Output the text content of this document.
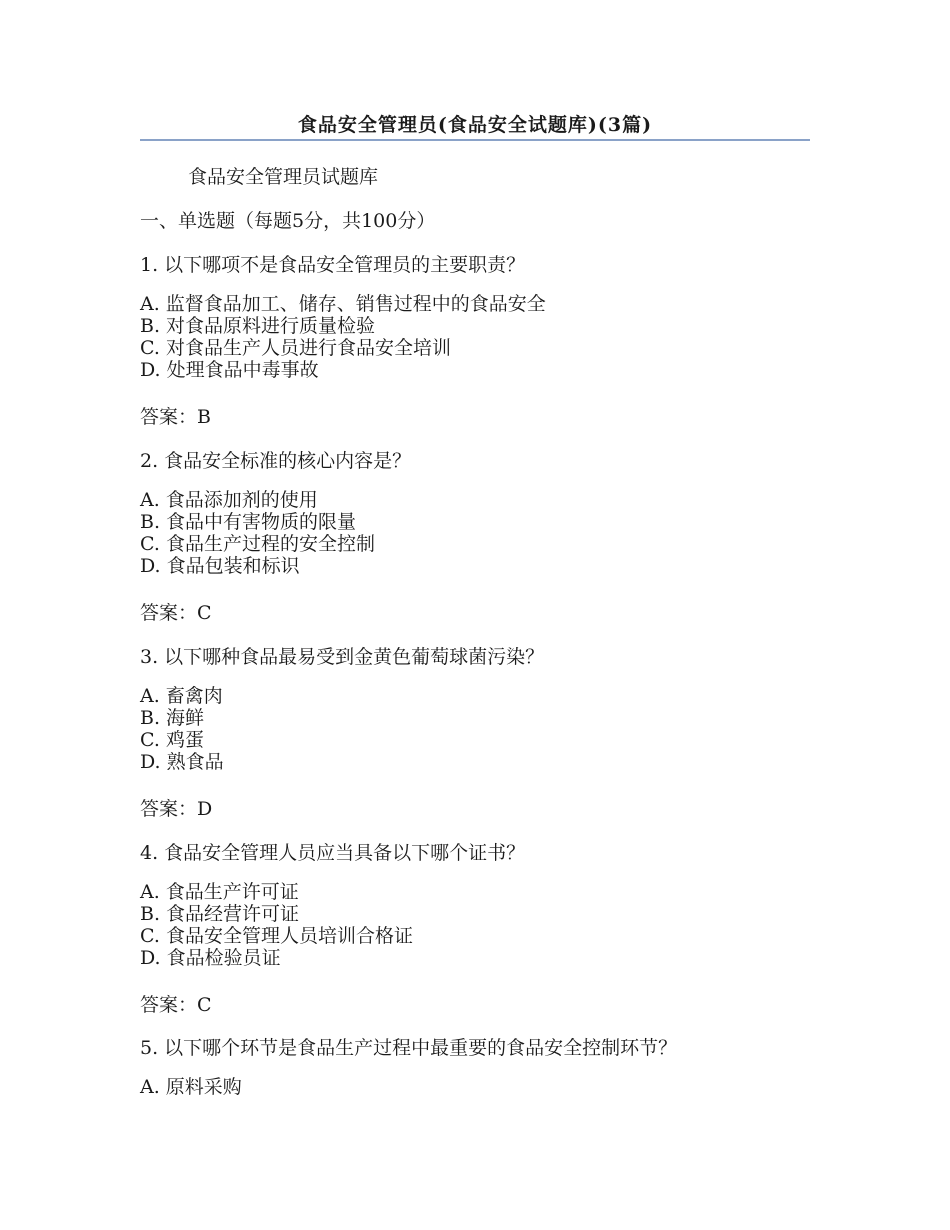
食品安全管理员(食品安全试题库)(3篇)
食品安全管理员试题库
一、单选题（每题5分，共100分）
1. 以下哪项不是食品安全管理员的主要职责？
A. 监督食品加工、储存、销售过程中的食品安全
B. 对食品原料进行质量检验
C. 对食品生产人员进行食品安全培训
D. 处理食品中毒事故
答案：B
2. 食品安全标准的核心内容是？
A. 食品添加剂的使用
B. 食品中有害物质的限量
C. 食品生产过程的安全控制
D. 食品包装和标识
答案：C
3. 以下哪种食品最易受到金黄色葡萄球菌污染？
A. 畜禽肉
B. 海鲜
C. 鸡蛋
D. 熟食品
答案：D
4. 食品安全管理人员应当具备以下哪个证书？
A. 食品生产许可证
B. 食品经营许可证
C. 食品安全管理人员培训合格证
D. 食品检验员证
答案：C
5. 以下哪个环节是食品生产过程中最重要的食品安全控制环节？
A. 原料采购
